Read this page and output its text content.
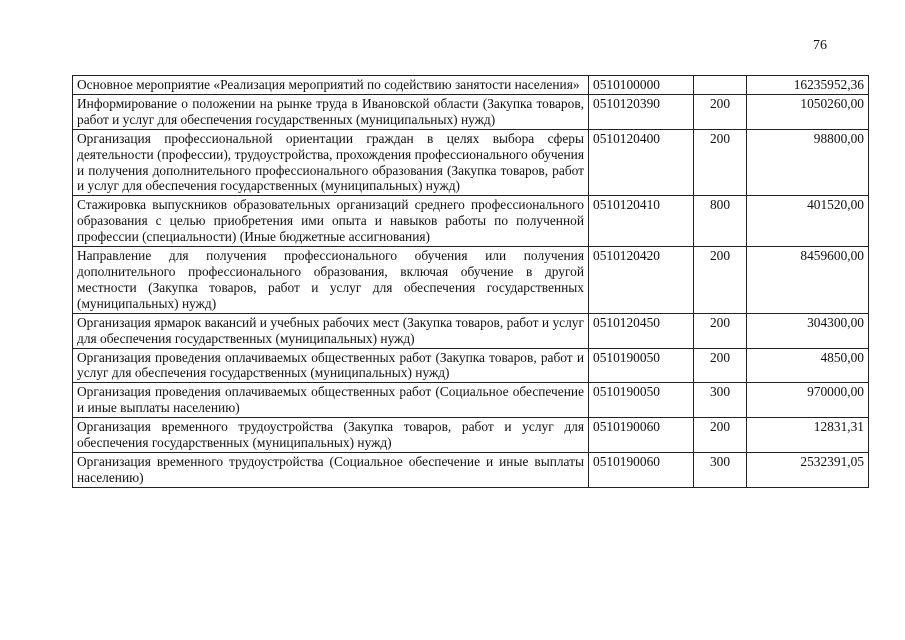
76
Основное мероприятие «Реализация мероприятий по содействию занятости населения»	0510100000		16235952,36
Информирование о положении на рынке труда в Ивановской области (Закупка товаров, работ и услуг для обеспечения государственных (муниципальных) нужд)	0510120390	200	1050260,00
Организация профессиональной ориентации граждан в целях выбора сферы деятельности (профессии), трудоустройства, прохождения профессионального обучения и получения дополнительного профессионального образования (Закупка товаров, работ и услуг для обеспечения государственных (муниципальных) нужд)	0510120400	200	98800,00
Стажировка выпускников образовательных организаций среднего профессионального образования с целью приобретения ими опыта и навыков работы по полученной профессии (специальности) (Иные бюджетные ассигнования)	0510120410	800	401520,00
Направление для получения профессионального обучения или получения дополнительного профессионального образования, включая обучение в другой местности (Закупка товаров, работ и услуг для обеспечения государственных (муниципальных) нужд)	0510120420	200	8459600,00
Организация ярмарок вакансий и учебных рабочих мест (Закупка товаров, работ и услуг для обеспечения государственных (муниципальных) нужд)	0510120450	200	304300,00
Организация проведения оплачиваемых общественных работ (Закупка товаров, работ и услуг для обеспечения государственных (муниципальных) нужд)	0510190050	200	4850,00
Организация проведения оплачиваемых общественных работ (Социальное обеспечение и иные выплаты населению)	0510190050	300	970000,00
Организация временного трудоустройства (Закупка товаров, работ и услуг для обеспечения государственных (муниципальных) нужд)	0510190060	200	12831,31
Организация временного трудоустройства (Социальное обеспечение и иные выплаты населению)	0510190060	300	2532391,05
